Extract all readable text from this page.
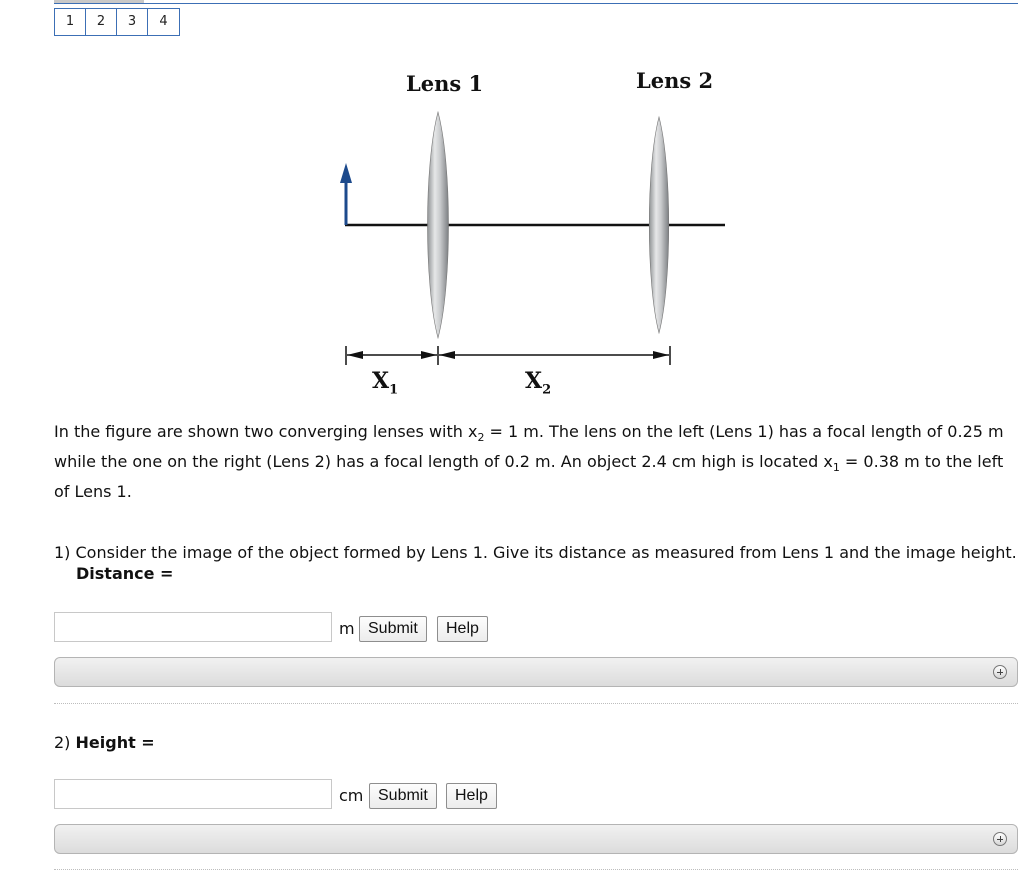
1	2	3	4
Lens 1	Lens 2
$X_1$	$X_2$
In the figure are shown two converging lenses with $x_2 = 1$ m. The lens on the left (Lens 1) has a focal length of 0.25 m while the one on the right (Lens 2) has a focal length of 0.2 m. An object 2.4 cm high is located $x_1 = 0.38$ m to the left of Lens 1.
1) Consider the image of the object formed by Lens 1. Give its distance as measured from Lens 1 and the image height.
Distance =
m Submit	Help
2) Height =
cm Submit	Help
